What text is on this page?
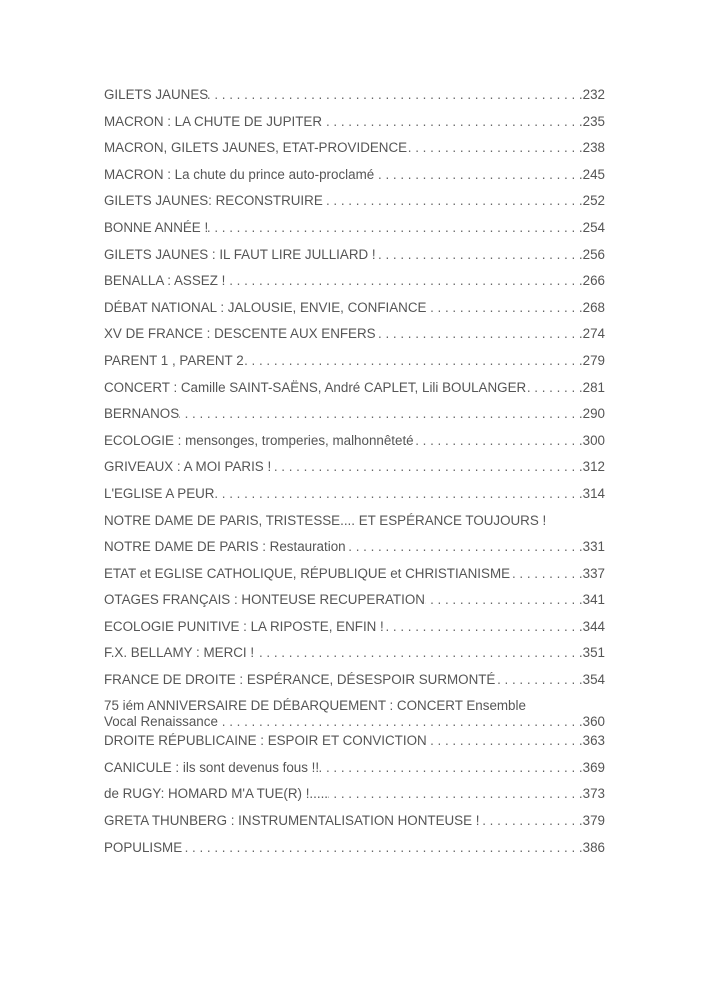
GILETS JAUNES . . .	232
MACRON : LA CHUTE DE JUPITER . . .	235
MACRON, GILETS JAUNES, ETAT-PROVIDENCE . . .	238
MACRON : La chute du prince auto-proclamé . . .	245
GILETS JAUNES: RECONSTRUIRE . . .	252
BONNE ANNÉE ! . . .	254
GILETS JAUNES : IL FAUT LIRE JULLIARD ! . . .	256
BENALLA : ASSEZ ! . . .	266
DÉBAT NATIONAL : JALOUSIE, ENVIE, CONFIANCE . . .	268
XV DE FRANCE : DESCENTE AUX ENFERS . . .	274
PARENT 1 , PARENT 2 . . .	279
CONCERT : Camille SAINT-SAËNS, André CAPLET, Lili BOULANGER . . .	281
BERNANOS . . .	290
ECOLOGIE : mensonges, tromperies, malhonnêteté . . .	300
GRIVEAUX : A MOI PARIS ! . . .	312
L'EGLISE A PEUR . . .	314
NOTRE DAME DE PARIS, TRISTESSE.... ET ESPÉRANCE TOUJOURS !
NOTRE DAME DE PARIS : Restauration . . .	331
ETAT et EGLISE CATHOLIQUE, RÉPUBLIQUE et CHRISTIANISME . . .	337
OTAGES FRANÇAIS : HONTEUSE RECUPERATION . . .	341
ECOLOGIE PUNITIVE : LA RIPOSTE, ENFIN ! . . .	344
F.X. BELLAMY : MERCI ! . . .	351
FRANCE DE DROITE : ESPÉRANCE, DÉSESPOIR SURMONTÉ . . .	354
75 iém ANNIVERSAIRE DE DÉBARQUEMENT : CONCERT Ensemble
Vocal Renaissance . . .	360
DROITE RÉPUBLICAINE : ESPOIR ET CONVICTION . . .	363
CANICULE : ils sont devenus fous !! . . .	369
de RUGY: HOMARD M'A TUE(R) !..... . . .	373
GRETA THUNBERG : INSTRUMENTALISATION HONTEUSE ! . . .	379
POPULISME . . .	386
